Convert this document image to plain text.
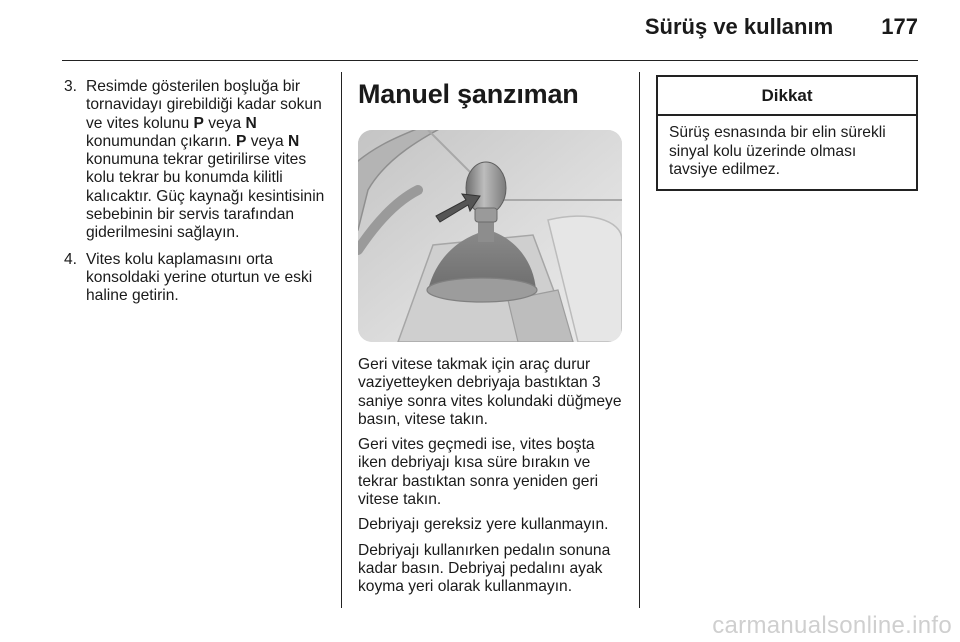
Sürüş ve kullanım 177
3. Resimde gösterilen boşluğa bir tornavidayı girebildiği kadar sokun ve vites kolunu P veya N konumundan çıkarın. P veya N konumuna tekrar getirilirse vites kolu tekrar bu konumda kilitli kalıcaktır. Güç kaynağı kesintisinin sebebinin bir servis tarafından giderilmesini sağlayın.
4. Vites kolu kaplamasını orta konsoldaki yerine oturtun ve eski haline getirin.
Manuel şanzıman

Geri vitese takmak için araç durur vaziyetteyken debriyaja bastıktan 3 saniye sonra vites kolundaki düğmeye basın, vitese takın.

Geri vites geçmedi ise, vites boşta iken debriyajı kısa süre bırakın ve tekrar bastıktan sonra yeniden geri vitese takın.

Debriyajı gereksiz yere kullanmayın.

Debriyajı kullanırken pedalın sonuna kadar basın. Debriyaj pedalını ayak koyma yeri olarak kullanmayın.

Dikkat
Sürüş esnasında bir elin sürekli sinyal kolu üzerinde olması tavsiye edilmez.
carmanualsonline.info
